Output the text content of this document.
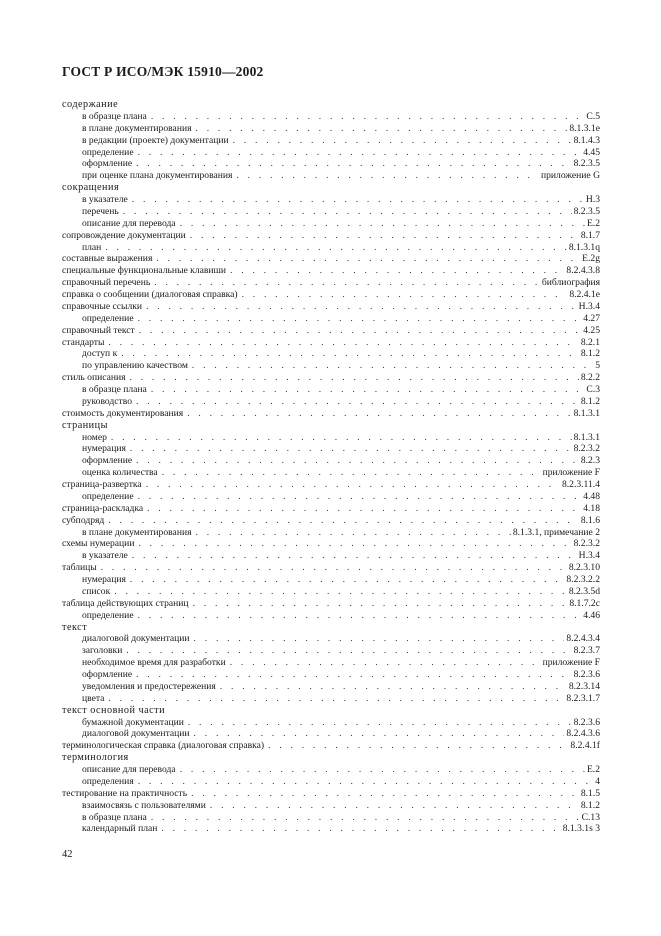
ГОСТ Р ИСО/МЭК 15910—2002
содержание
в образце плана . . .	С.5
в плане документирования . . .	8.1.3.1е
в редакции (проекте) документации . . .	8.1.4.3
определение . . .	4.45
оформление . . .	8.2.3.5
при оценке плана документирования . . .	приложение G
сокращения
в указателе . . .	Н.3
перечень . . .	8.2.3.5
описание для перевода . . .	Е.2
сопровождение документации . . .	8.1.7
план . . .	8.1.3.1q
составные выражения . . .	E.2g
специальные функциональные клавиши . . .	8.2.4.3.8
справочный перечень . . .	библиография
справка о сообщении (диалоговая справка) . . .	8.2.4.1е
справочные ссылки . . .	Н.3.4
определение . . .	4.27
справочный текст . . .	4.25
стандарты . . .	8.2.1
доступ к . . .	8.1.2
по управлению качеством . . .	5
стиль описания . . .	8.2.2
в образце плана . . .	С.3
руководство . . .	8.1.2
стоимость документирования . . .	8.1.3.1
страницы
номер . . .	8.1.3.1
нумерация . . .	8.2.3.2
оформление . . .	8.2.3
оценка количества . . .	приложение F
страница-развертка . . .	8.2.3.11.4
определение . . .	4.48
страница-раскладка . . .	4.18
субподряд . . .	8.1.6
в плане документирования . . .	8.1.3.1, примечание 2
схемы нумерации . . .	8.2.3.2
в указателе . . .	Н.3.4
таблицы . . .	8.2.3.10
нумерация . . .	8.2.3.2.2
список . . .	8.2.3.5d
таблица действующих страниц . . .	8.1.7.2с
определение . . .	4.46
текст
диалоговой документации . . .	8.2.4.3.4
заголовки . . .	8.2.3.7
необходимое время для разработки . . .	приложение F
оформление . . .	8.2.3.6
уведомления и предостережения . . .	8.2.3.14
цвета . . .	8.2.3.1.7
текст основной части
бумажной документации . . .	8.2.3.6
диалоговой документации . . .	8.2.4.3.6
терминологическая справка (диалоговая справка) . . .	8.2.4.1f
терминология
описание для перевода . . .	Е.2
определения . . .	4
тестирование на практичность . . .	8.1.5
взаимосвязь с пользователями . . .	8.1.2
в образце плана . . .	С.13
календарный план . . .	8.1.3.1s 3
42
